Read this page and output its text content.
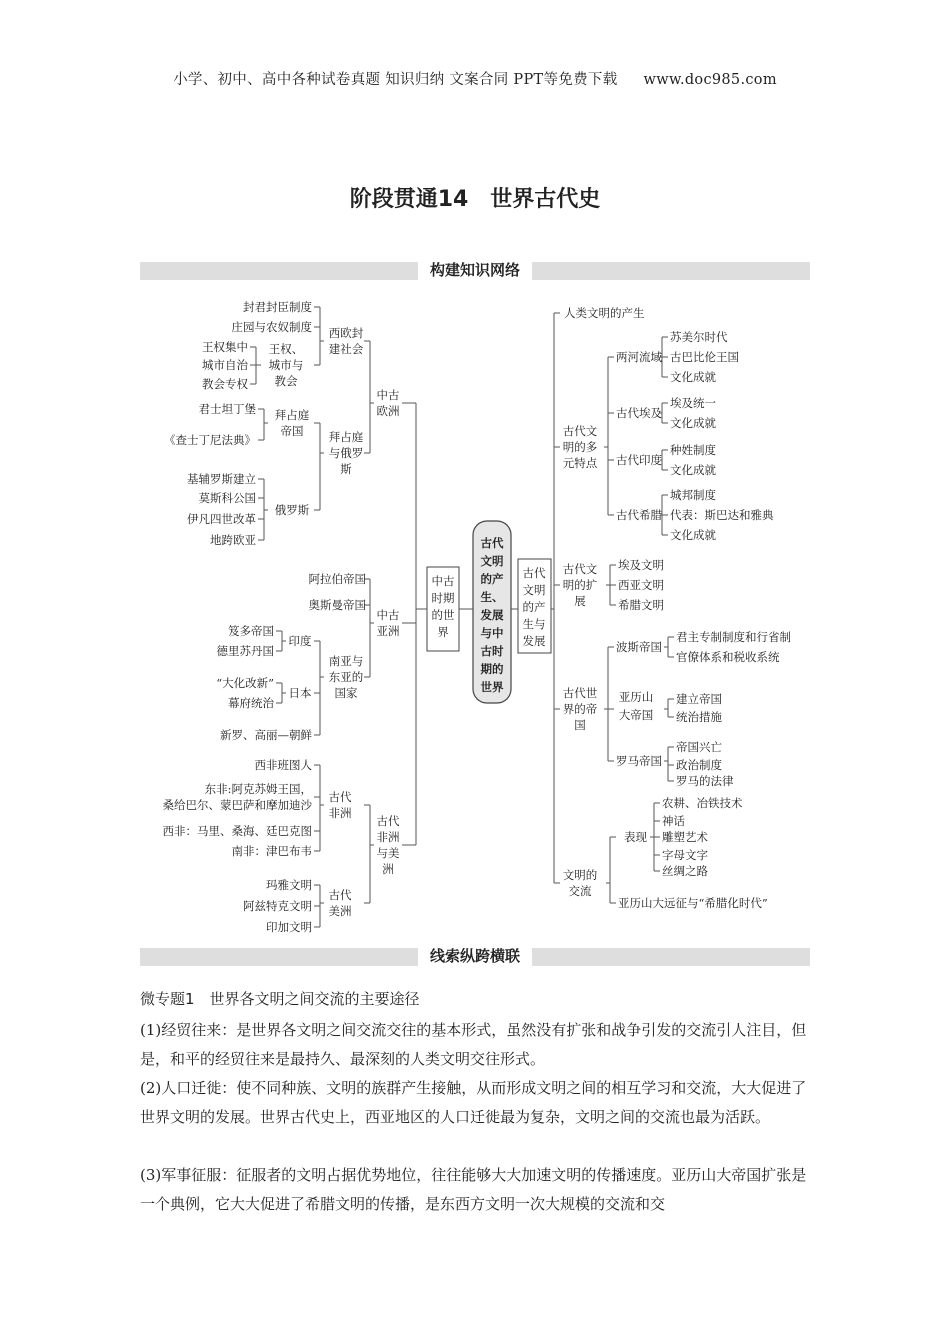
小学、初中、高中各种试卷真题 知识归纳 文案合同 PPT等免费下载 www.doc985.com
阶段贯通14　世界古代史
构建知识网络
古代
文明
的产
生、
发展
与中
古时
期的
世界
中古
时期
的世
界
古代
文明
的产
生与
发展
中古
欧洲
中古
亚洲
古代
非洲
与美
洲
西欧封
建社会
拜占庭
与俄罗
斯
封君封臣制度
庄园与农奴制度
王权、
城市与
教会
王权集中
城市自治
教会专权
拜占庭
帝国
俄罗斯
君士坦丁堡
《查士丁尼法典》
基辅罗斯建立
莫斯科公国
伊凡四世改革
地跨欧亚
阿拉伯帝国
奥斯曼帝国
南亚与
东亚的
国家
印度
日本
新罗、高丽—朝鲜
笈多帝国
德里苏丹国
“大化改新”
幕府统治
古代
非洲
古代
美洲
西非班图人
东非:阿克苏姆王国，
桑给巴尔、蒙巴萨和摩加迪沙
西非：马里、桑海、廷巴克图
南非：津巴布韦
玛雅文明
阿兹特克文明
印加文明
人类文明的产生
古代文
明的多
元特点
两河流域
古代埃及
古代印度
古代希腊
苏美尔时代
古巴比伦王国
文化成就
埃及统一
文化成就
种姓制度
文化成就
城邦制度
代表：斯巴达和雅典
文化成就
古代文
明的扩
展
埃及文明
西亚文明
希腊文明
古代世
界的帝
国
波斯帝国
亚历山
大帝国
罗马帝国
君主专制制度和行省制
官僚体系和税收系统
建立帝国
统治措施
帝国兴亡
政治制度
罗马的法律
文明的
交流
表现
农耕、冶铁技术
神话
雕塑艺术
字母文字
丝绸之路
亚历山大远征与“希腊化时代”
线索纵跨横联
微专题1　世界各文明之间交流的主要途径
(1)经贸往来：是世界各文明之间交流交往的基本形式，虽然没有扩张和战争引发的交流引人注目，但是，和平的经贸往来是最持久、最深刻的人类文明交往形式。
(2)人口迁徙：使不同种族、文明的族群产生接触，从而形成文明之间的相互学习和交流，大大促进了世界文明的发展。世界古代史上，西亚地区的人口迁徙最为复杂，文明之间的交流也最为活跃。
(3)军事征服：征服者的文明占据优势地位，往往能够大大加速文明的传播速度。亚历山大帝国扩张是一个典例，它大大促进了希腊文明的传播，是东西方文明一次大规模的交流和交
